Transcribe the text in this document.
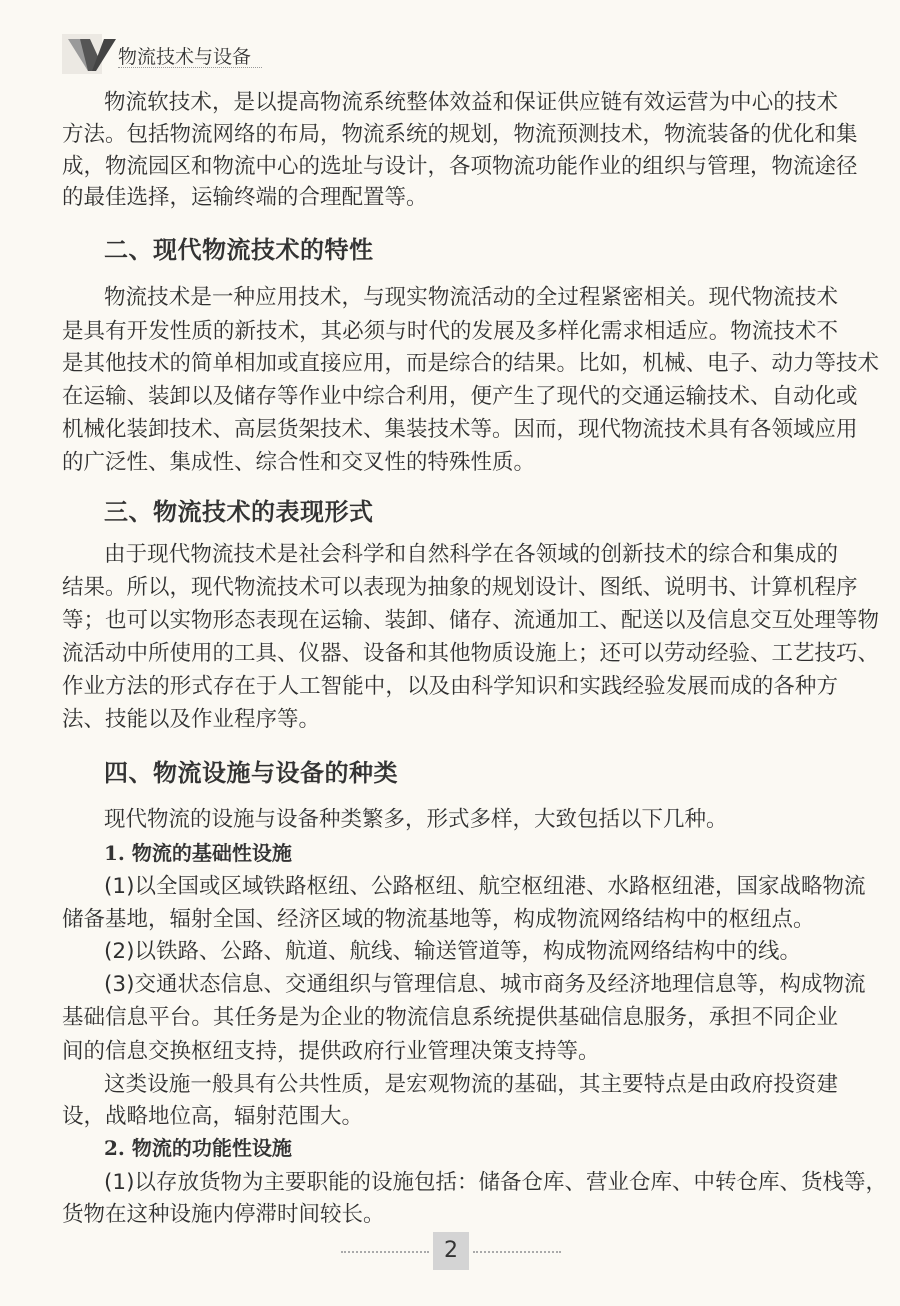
物流技术与设备
物流软技术，是以提高物流系统整体效益和保证供应链有效运营为中心的技术
方法。包括物流网络的布局，物流系统的规划，物流预测技术，物流装备的优化和集
成，物流园区和物流中心的选址与设计，各项物流功能作业的组织与管理，物流途径
的最佳选择，运输终端的合理配置等。
二、现代物流技术的特性
物流技术是一种应用技术，与现实物流活动的全过程紧密相关。现代物流技术
是具有开发性质的新技术，其必须与时代的发展及多样化需求相适应。物流技术不
是其他技术的简单相加或直接应用，而是综合的结果。比如，机械、电子、动力等技术
在运输、装卸以及储存等作业中综合利用，便产生了现代的交通运输技术、自动化或
机械化装卸技术、高层货架技术、集装技术等。因而，现代物流技术具有各领域应用
的广泛性、集成性、综合性和交叉性的特殊性质。
三、物流技术的表现形式
由于现代物流技术是社会科学和自然科学在各领域的创新技术的综合和集成的
结果。所以，现代物流技术可以表现为抽象的规划设计、图纸、说明书、计算机程序
等；也可以实物形态表现在运输、装卸、储存、流通加工、配送以及信息交互处理等物
流活动中所使用的工具、仪器、设备和其他物质设施上；还可以劳动经验、工艺技巧、
作业方法的形式存在于人工智能中，以及由科学知识和实践经验发展而成的各种方
法、技能以及作业程序等。
四、物流设施与设备的种类
现代物流的设施与设备种类繁多，形式多样，大致包括以下几种。
1. 物流的基础性设施
(1)以全国或区域铁路枢纽、公路枢纽、航空枢纽港、水路枢纽港，国家战略物流
储备基地，辐射全国、经济区域的物流基地等，构成物流网络结构中的枢纽点。
(2)以铁路、公路、航道、航线、输送管道等，构成物流网络结构中的线。
(3)交通状态信息、交通组织与管理信息、城市商务及经济地理信息等，构成物流
基础信息平台。其任务是为企业的物流信息系统提供基础信息服务，承担不同企业
间的信息交换枢纽支持，提供政府行业管理决策支持等。
这类设施一般具有公共性质，是宏观物流的基础，其主要特点是由政府投资建
设，战略地位高，辐射范围大。
2. 物流的功能性设施
(1)以存放货物为主要职能的设施包括：储备仓库、营业仓库、中转仓库、货栈等，
货物在这种设施内停滞时间较长。
2
